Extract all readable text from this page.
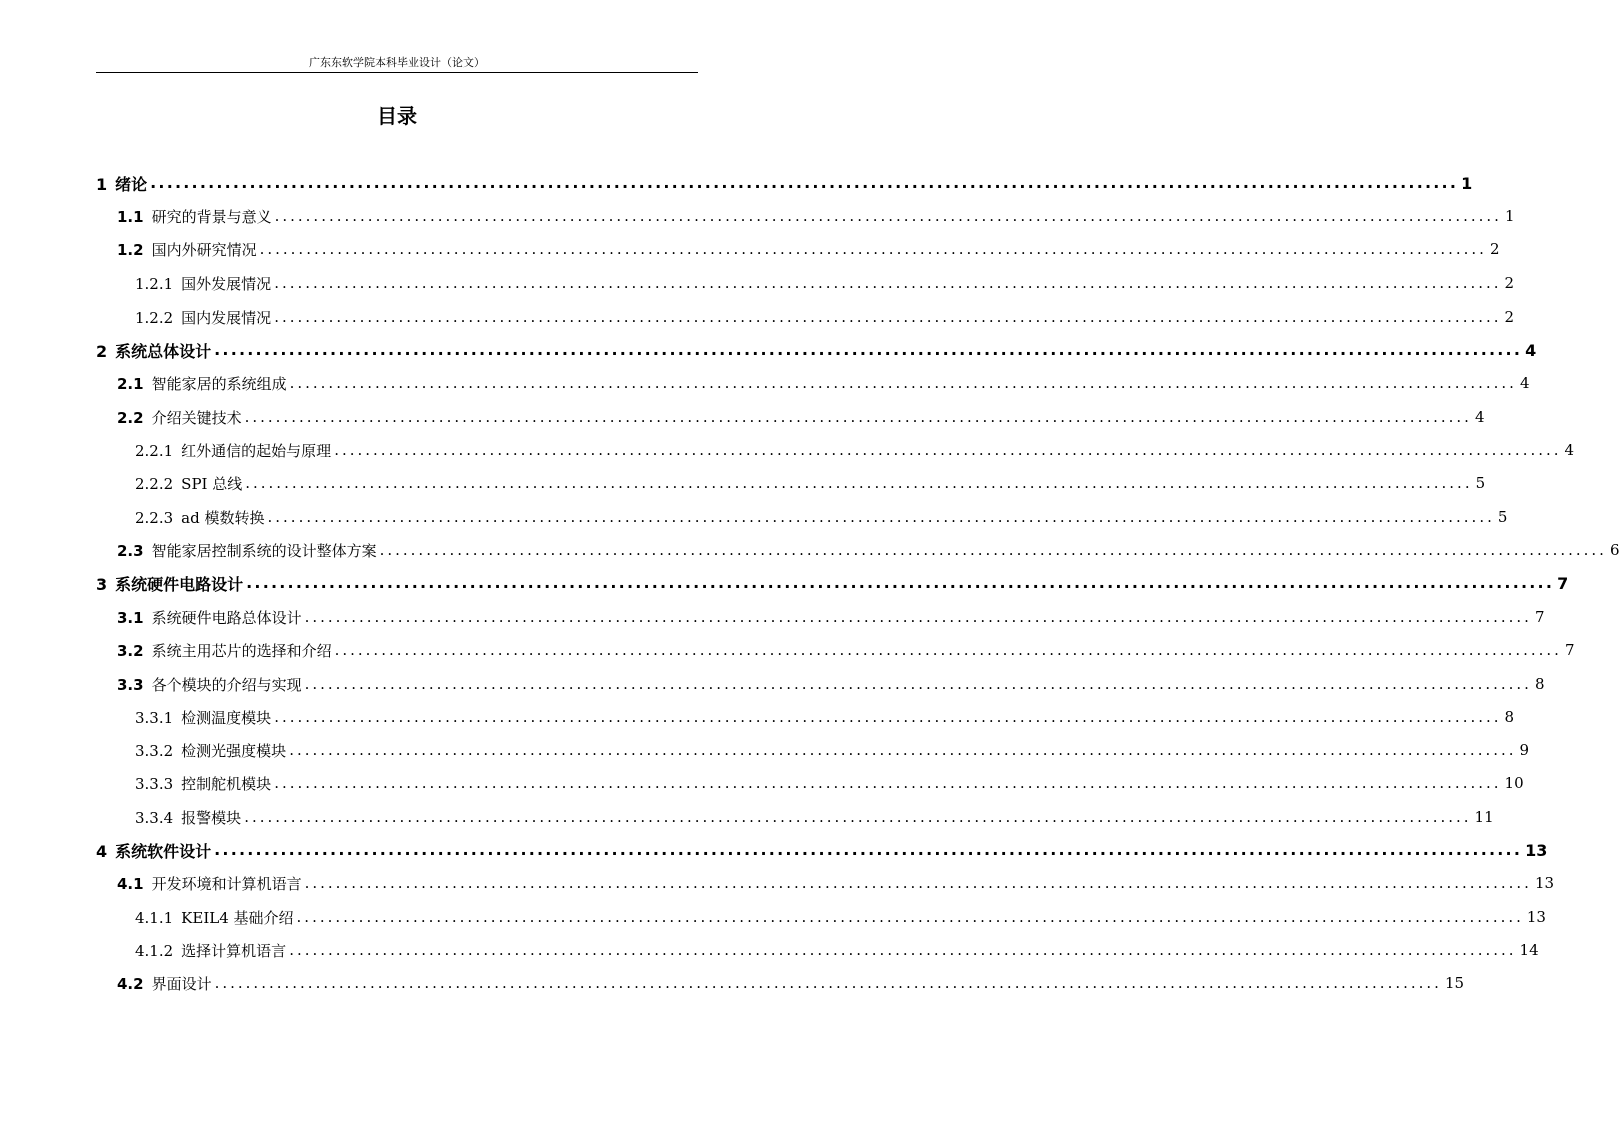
广东东软学院本科毕业设计（论文）
目录
1 绪论 .............................................................................................................................................................. 1
1.1 研究的背景与意义 .............................................................................................................................................................. 1
1.2 国内外研究情况 .............................................................................................................................................................. 2
1.2.1 国外发展情况 .............................................................................................................................................................. 2
1.2.2 国内发展情况 .............................................................................................................................................................. 2
2 系统总体设计 .............................................................................................................................................................. 4
2.1 智能家居的系统组成 .............................................................................................................................................................. 4
2.2 介绍关键技术 .............................................................................................................................................................. 4
2.2.1 红外通信的起始与原理 .............................................................................................................................................................. 4
2.2.2 SPI 总线 .............................................................................................................................................................. 5
2.2.3 ad 模数转换 .............................................................................................................................................................. 5
2.3 智能家居控制系统的设计整体方案 .............................................................................................................................................................. 6
3 系统硬件电路设计 .............................................................................................................................................................. 7
3.1 系统硬件电路总体设计 .............................................................................................................................................................. 7
3.2 系统主用芯片的选择和介绍 .............................................................................................................................................................. 7
3.3 各个模块的介绍与实现 .............................................................................................................................................................. 8
3.3.1 检测温度模块 .............................................................................................................................................................. 8
3.3.2 检测光强度模块 .............................................................................................................................................................. 9
3.3.3 控制舵机模块 .............................................................................................................................................................. 10
3.3.4 报警模块 .............................................................................................................................................................. 11
4 系统软件设计 .............................................................................................................................................................. 13
4.1 开发环境和计算机语言 .............................................................................................................................................................. 13
4.1.1 KEIL4 基础介绍 .............................................................................................................................................................. 13
4.1.2 选择计算机语言 .............................................................................................................................................................. 14
4.2 界面设计 .............................................................................................................................................................. 15
